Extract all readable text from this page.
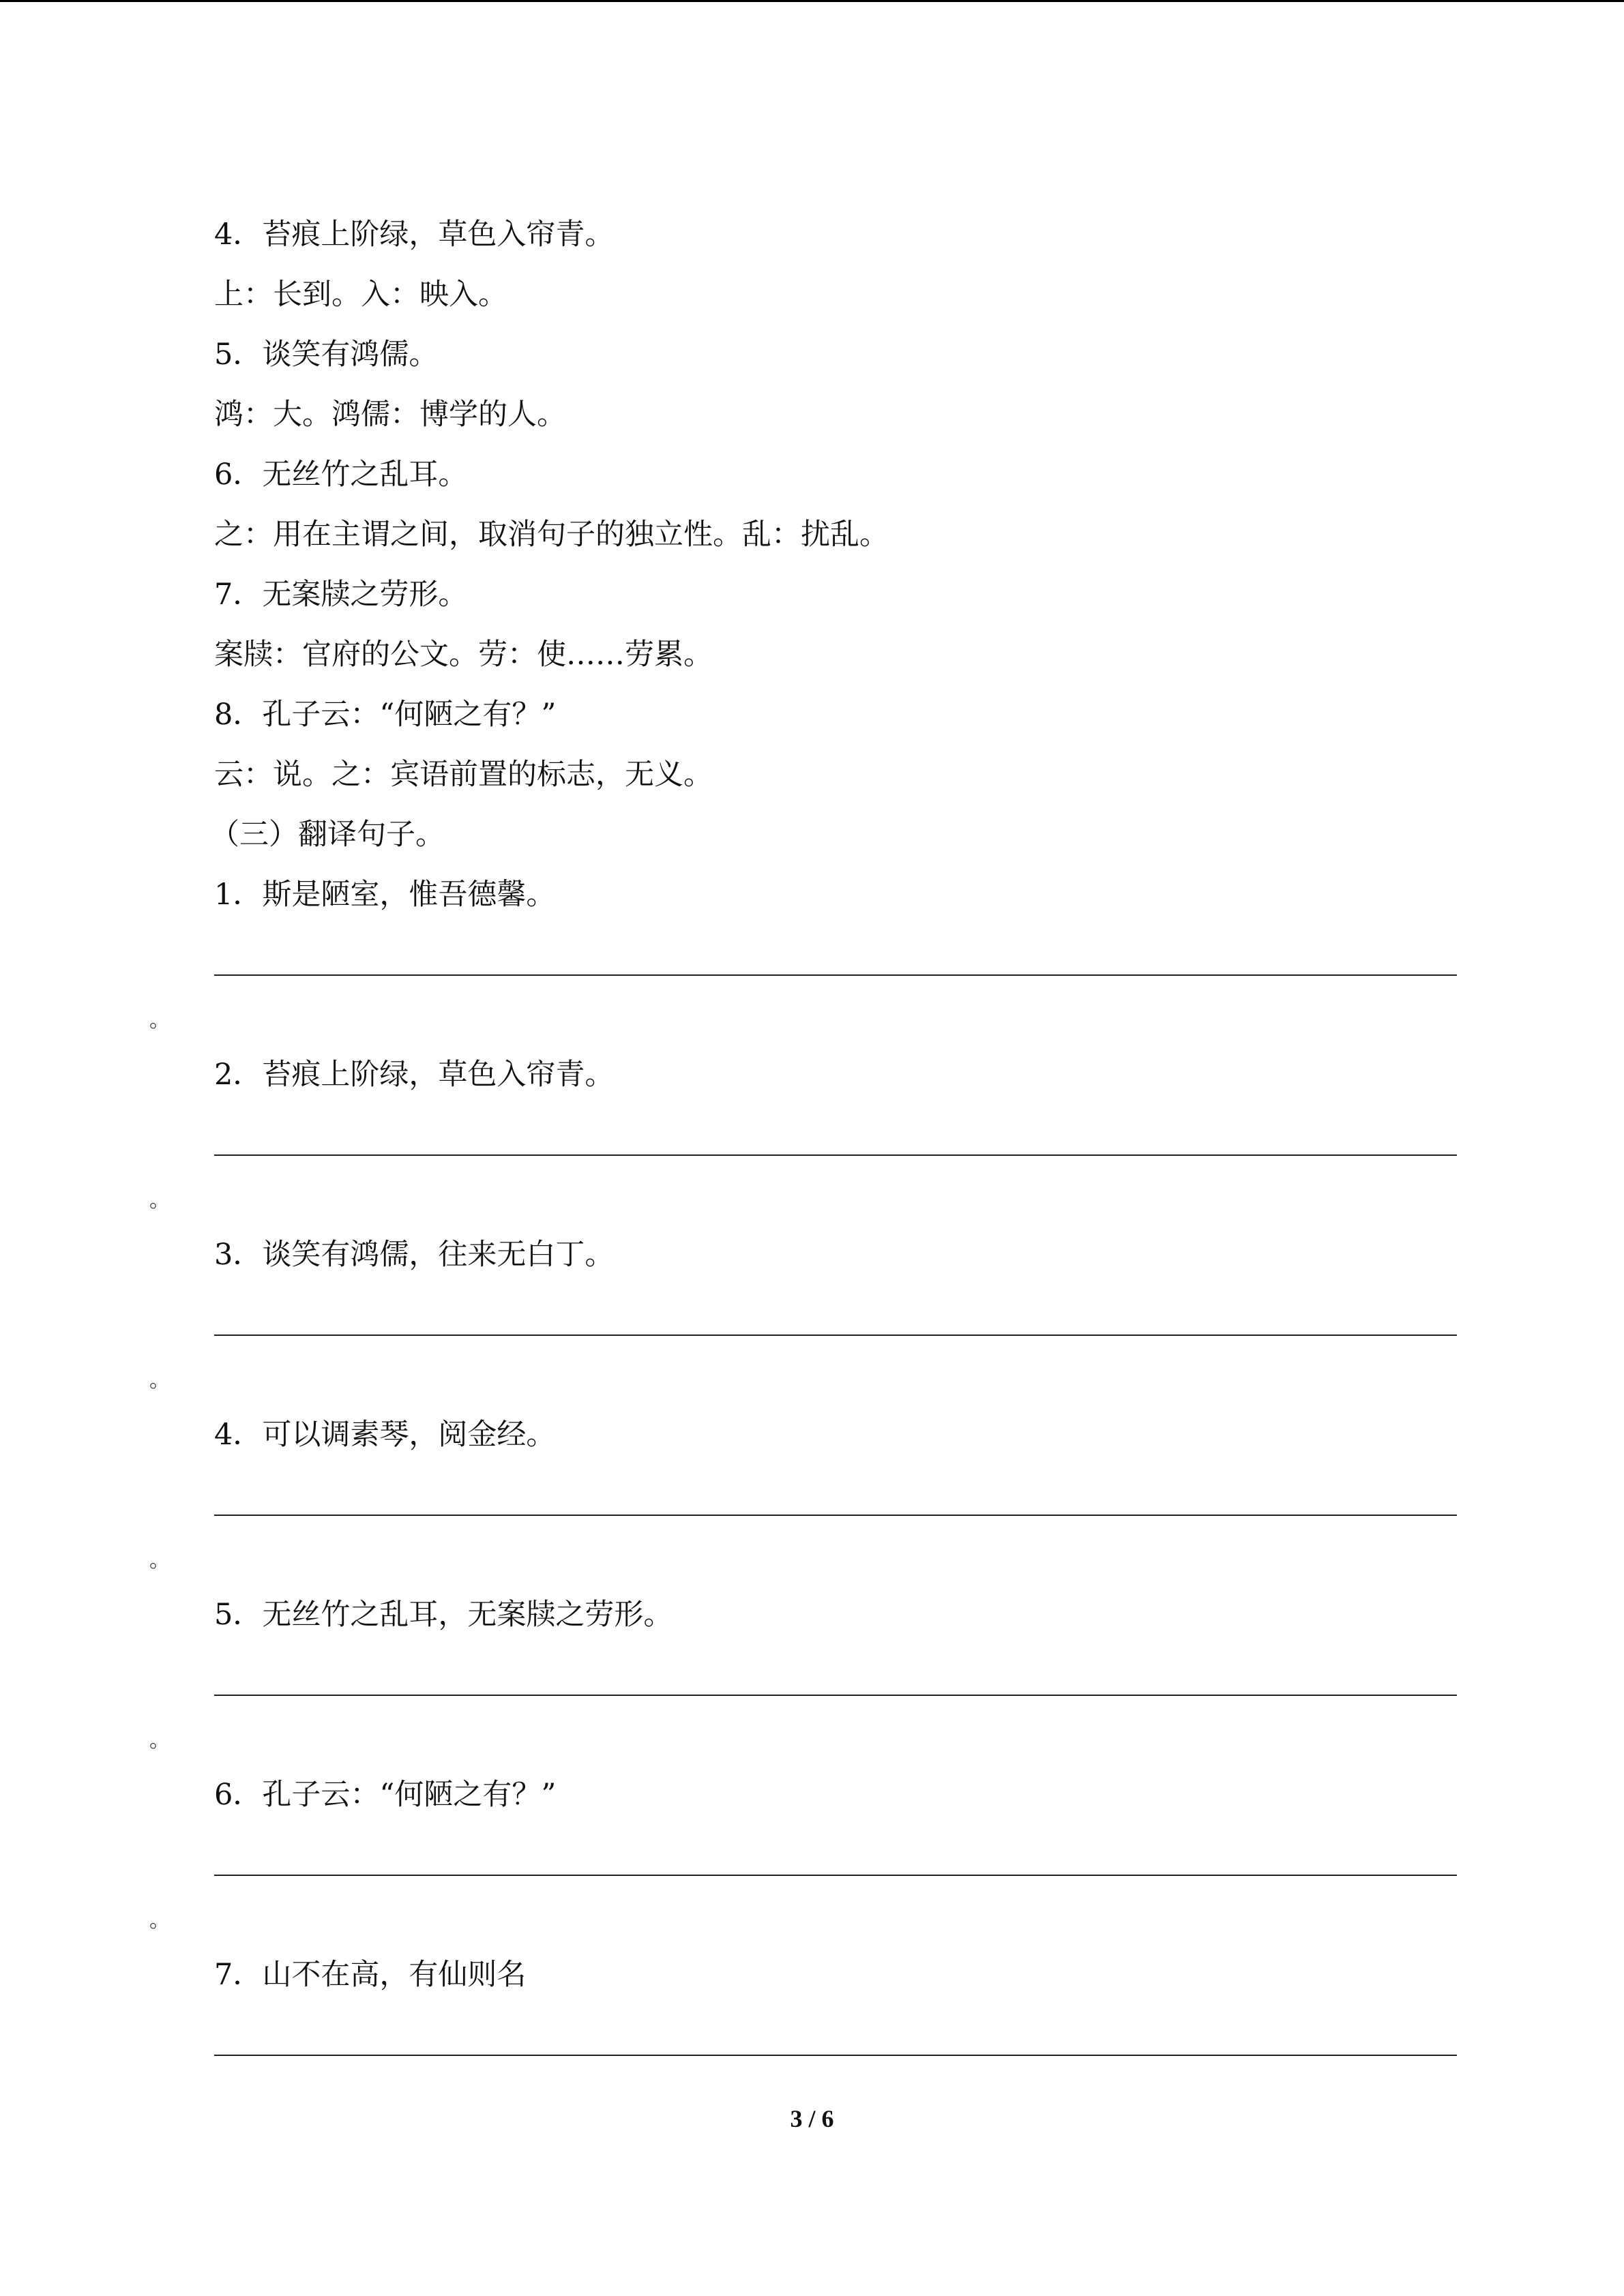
4．苔痕上阶绿，草色入帘青。
上：长到。入：映入。
5．谈笑有鸿儒。
鸿：大。鸿儒：博学的人。
6．无丝竹之乱耳。
之：用在主谓之间，取消句子的独立性。乱：扰乱。
7．无案牍之劳形。
案牍：官府的公文。劳：使……劳累。
8．孔子云：“何陋之有？”
云：说。之：宾语前置的标志，无义。
（三）翻译句子。
1．斯是陋室，惟吾德馨。
。
2．苔痕上阶绿，草色入帘青。
。
3．谈笑有鸿儒，往来无白丁。
。
4．可以调素琴，阅金经。
。
5．无丝竹之乱耳，无案牍之劳形。
。
6．孔子云：“何陋之有？”
。
7．山不在高，有仙则名
3 / 6
